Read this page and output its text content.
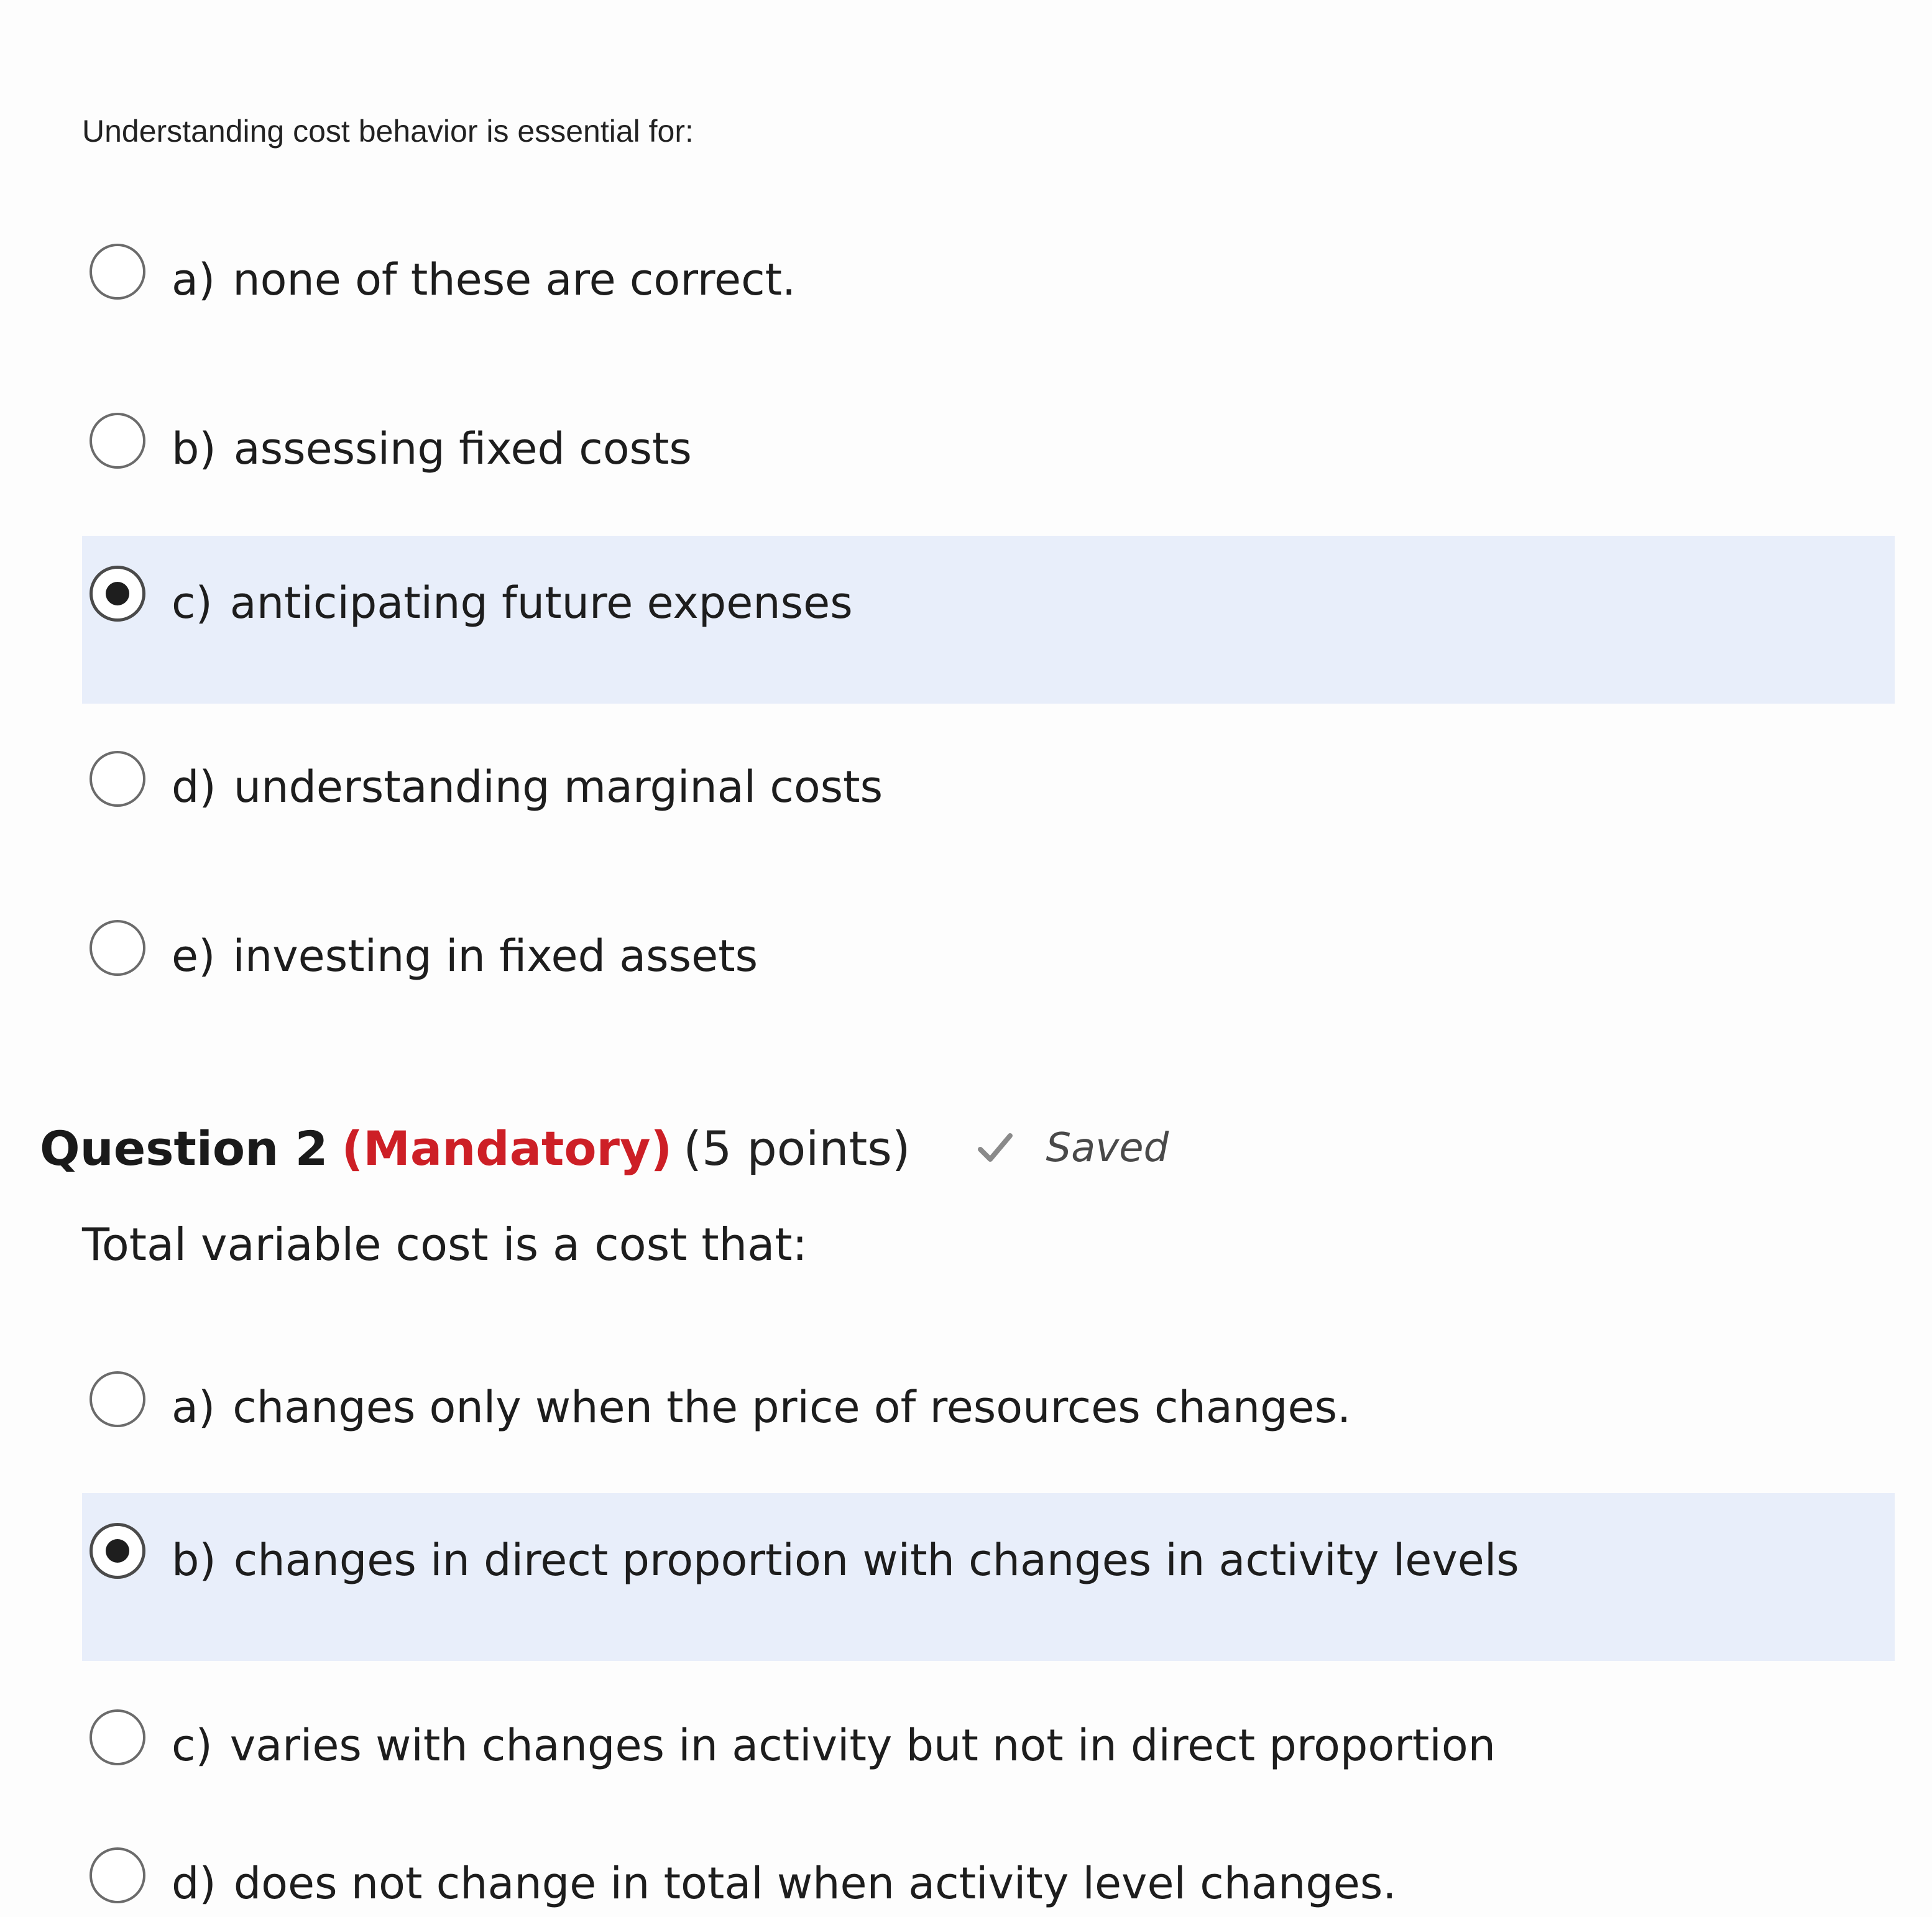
Understanding cost behavior is essential for:
a) none of these are correct.
b) assessing fixed costs
c) anticipating future expenses
d) understanding marginal costs
e) investing in fixed assets
Question 2 (Mandatory) (5 points)	Saved
Total variable cost is a cost that:
a) changes only when the price of resources changes.
b) changes in direct proportion with changes in activity levels
c) varies with changes in activity but not in direct proportion
d) does not change in total when activity level changes.
